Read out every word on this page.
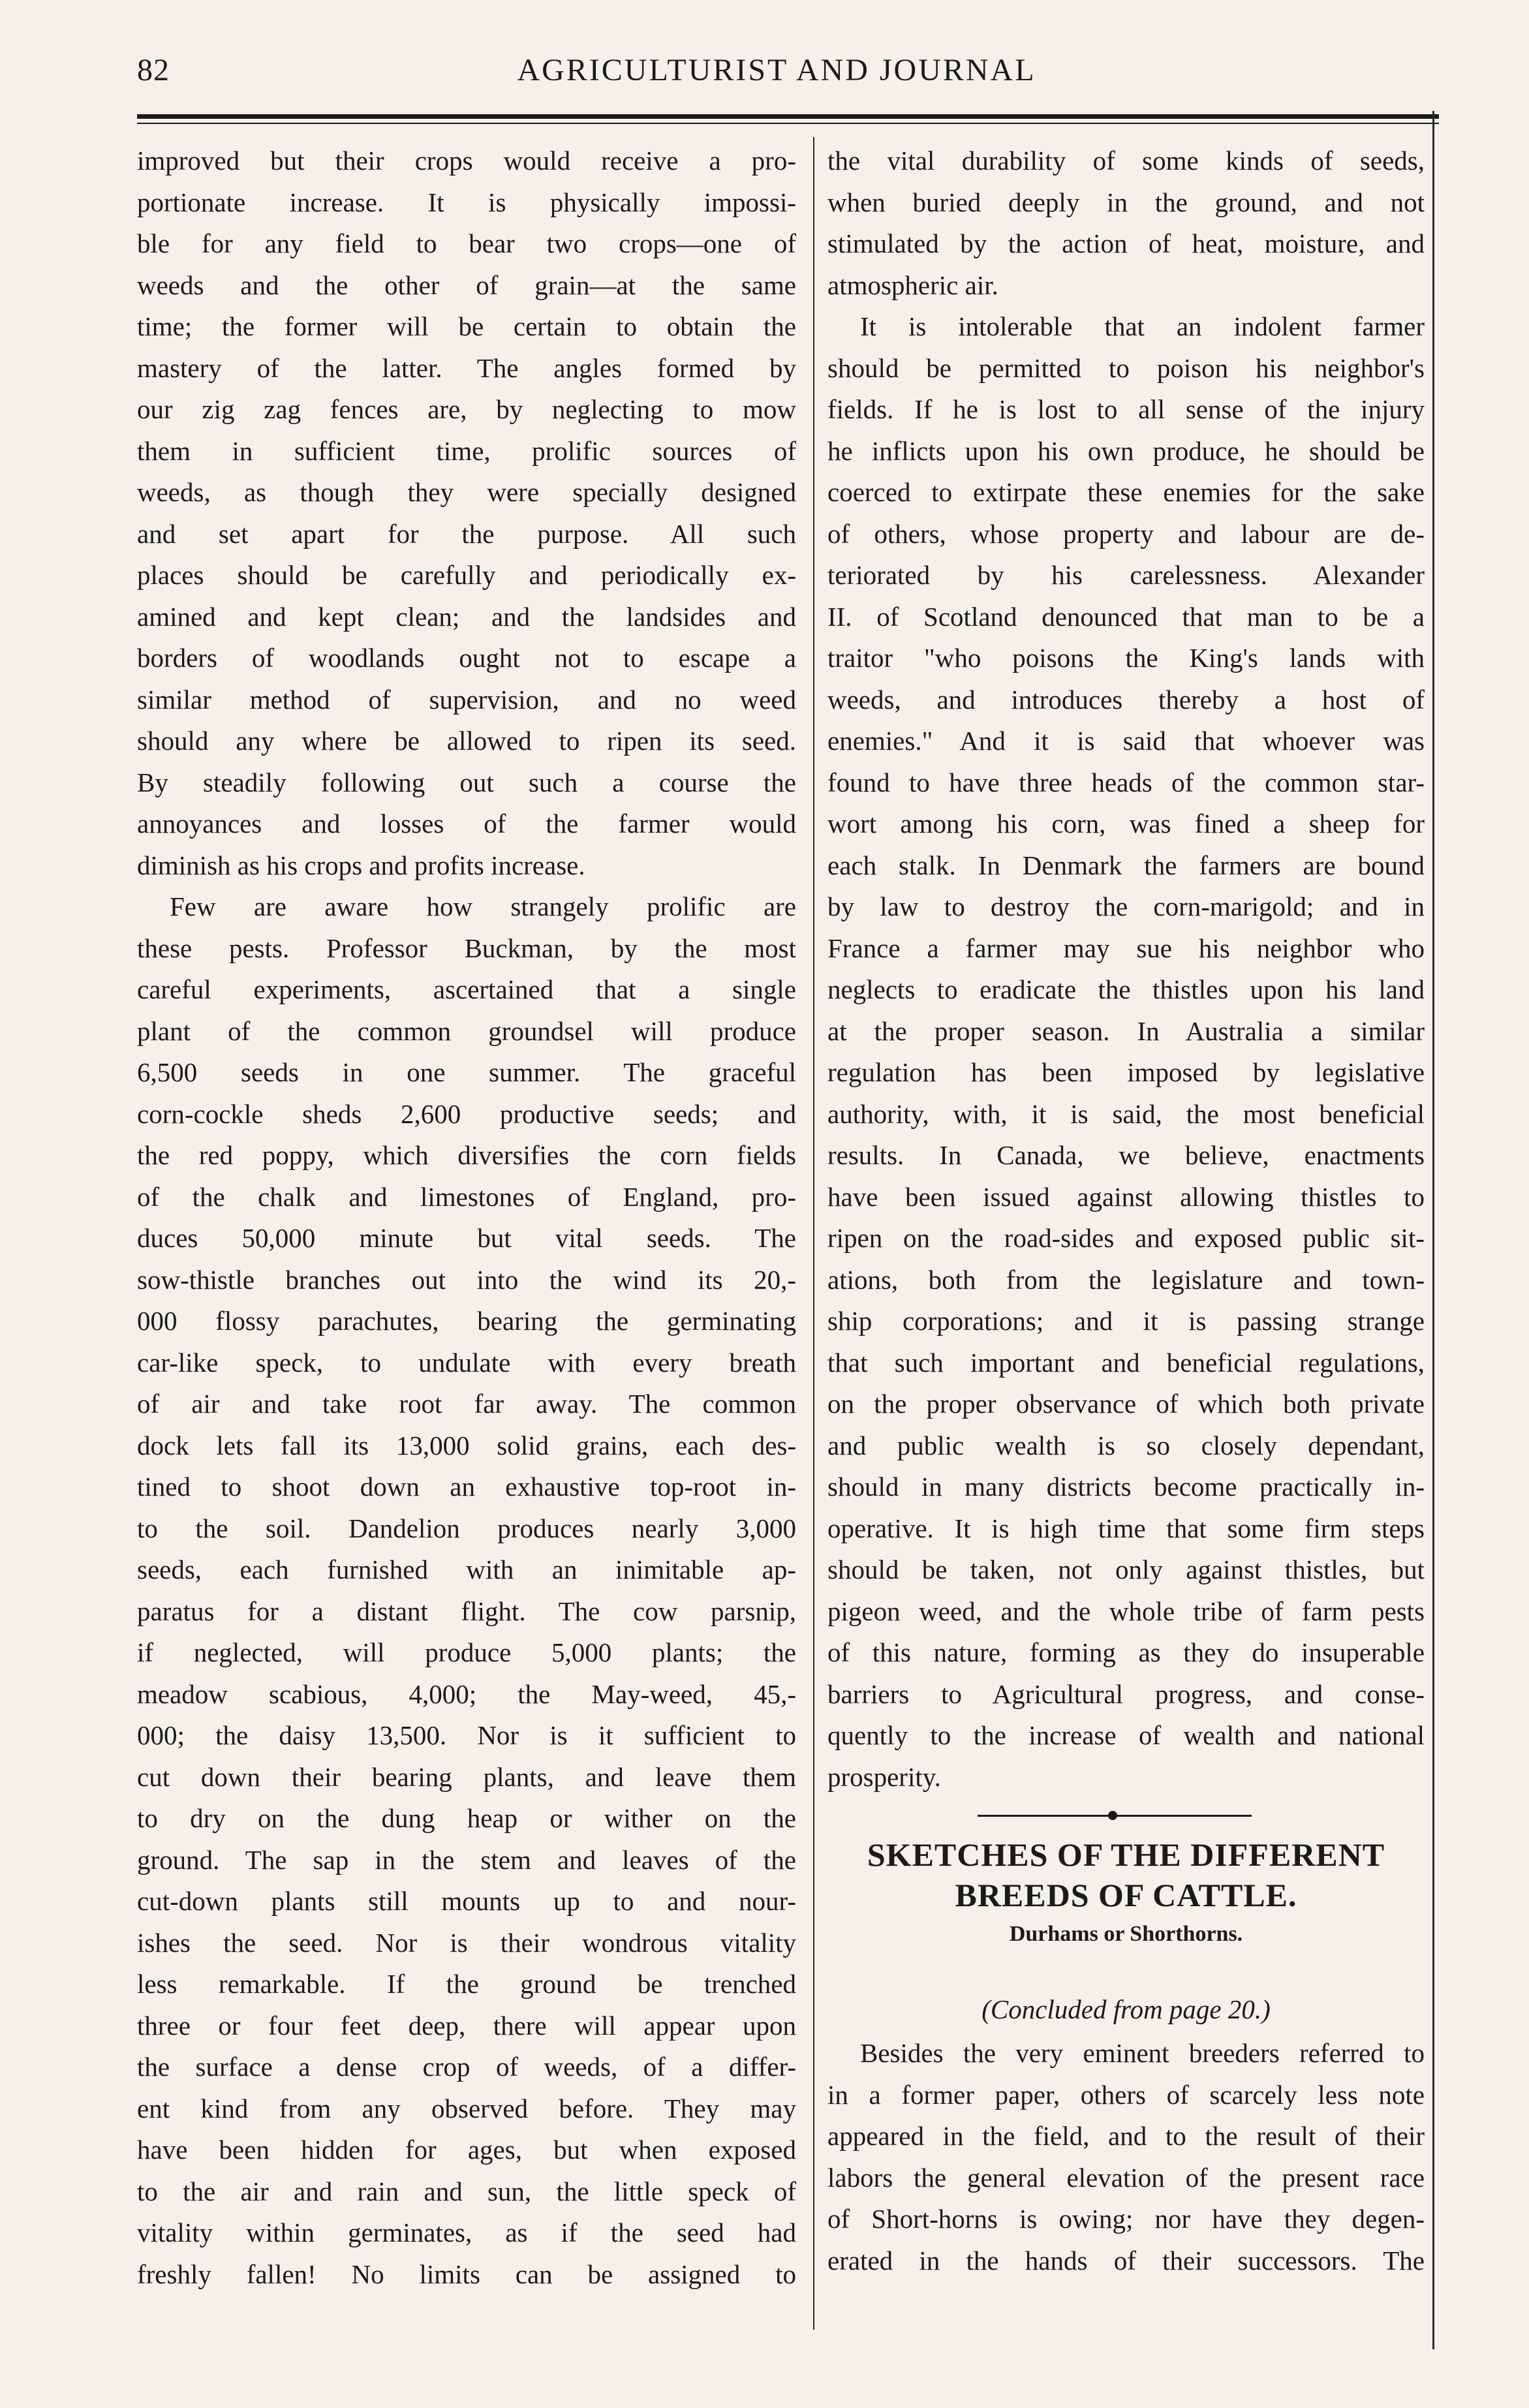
82	AGRICULTURIST AND JOURNAL
improved but their crops would receive a pro-
portionate increase. It is physically impossi-
ble for any field to bear two crops—one of
weeds and the other of grain—at the same
time; the former will be certain to obtain the
mastery of the latter. The angles formed by
our zig zag fences are, by neglecting to mow
them in sufficient time, prolific sources of
weeds, as though they were specially designed
and set apart for the purpose. All such
places should be carefully and periodically ex-
amined and kept clean; and the landsides and
borders of woodlands ought not to escape a
similar method of supervision, and no weed
should any where be allowed to ripen its seed.
By steadily following out such a course the
annoyances and losses of the farmer would
diminish as his crops and profits increase.
Few are aware how strangely prolific are
these pests. Professor Buckman, by the most
careful experiments, ascertained that a single
plant of the common groundsel will produce
6,500 seeds in one summer. The graceful
corn-cockle sheds 2,600 productive seeds; and
the red poppy, which diversifies the corn fields
of the chalk and limestones of England, pro-
duces 50,000 minute but vital seeds. The
sow-thistle branches out into the wind its 20,-
000 flossy parachutes, bearing the germinating
car-like speck, to undulate with every breath
of air and take root far away. The common
dock lets fall its 13,000 solid grains, each des-
tined to shoot down an exhaustive top-root in-
to the soil. Dandelion produces nearly 3,000
seeds, each furnished with an inimitable ap-
paratus for a distant flight. The cow parsnip,
if neglected, will produce 5,000 plants; the
meadow scabious, 4,000; the May-weed, 45,-
000; the daisy 13,500. Nor is it sufficient to
cut down their bearing plants, and leave them
to dry on the dung heap or wither on the
ground. The sap in the stem and leaves of the
cut-down plants still mounts up to and nour-
ishes the seed. Nor is their wondrous vitality
less remarkable. If the ground be trenched
three or four feet deep, there will appear upon
the surface a dense crop of weeds, of a differ-
ent kind from any observed before. They may
have been hidden for ages, but when exposed
to the air and rain and sun, the little speck of
vitality within germinates, as if the seed had
freshly fallen! No limits can be assigned to
the vital durability of some kinds of seeds,
when buried deeply in the ground, and not
stimulated by the action of heat, moisture, and
atmospheric air.
It is intolerable that an indolent farmer
should be permitted to poison his neighbor's
fields. If he is lost to all sense of the injury
he inflicts upon his own produce, he should be
coerced to extirpate these enemies for the sake
of others, whose property and labour are de-
teriorated by his carelessness. Alexander
II. of Scotland denounced that man to be a
traitor "who poisons the King's lands with
weeds, and introduces thereby a host of
enemies." And it is said that whoever was
found to have three heads of the common star-
wort among his corn, was fined a sheep for
each stalk. In Denmark the farmers are bound
by law to destroy the corn-marigold; and in
France a farmer may sue his neighbor who
neglects to eradicate the thistles upon his land
at the proper season. In Australia a similar
regulation has been imposed by legislative
authority, with, it is said, the most beneficial
results. In Canada, we believe, enactments
have been issued against allowing thistles to
ripen on the road-sides and exposed public sit-
ations, both from the legislature and town-
ship corporations; and it is passing strange
that such important and beneficial regulations,
on the proper observance of which both private
and public wealth is so closely dependant,
should in many districts become practically in-
operative. It is high time that some firm steps
should be taken, not only against thistles, but
pigeon weed, and the whole tribe of farm pests
of this nature, forming as they do insuperable
barriers to Agricultural progress, and conse-
quently to the increase of wealth and national
prosperity.
SKETCHES OF THE DIFFERENT
BREEDS OF CATTLE.
Durhams or Shorthorns.
(Concluded from page 20.)
Besides the very eminent breeders referred to
in a former paper, others of scarcely less note
appeared in the field, and to the result of their
labors the general elevation of the present race
of Short-horns is owing; nor have they degen-
erated in the hands of their successors. The
